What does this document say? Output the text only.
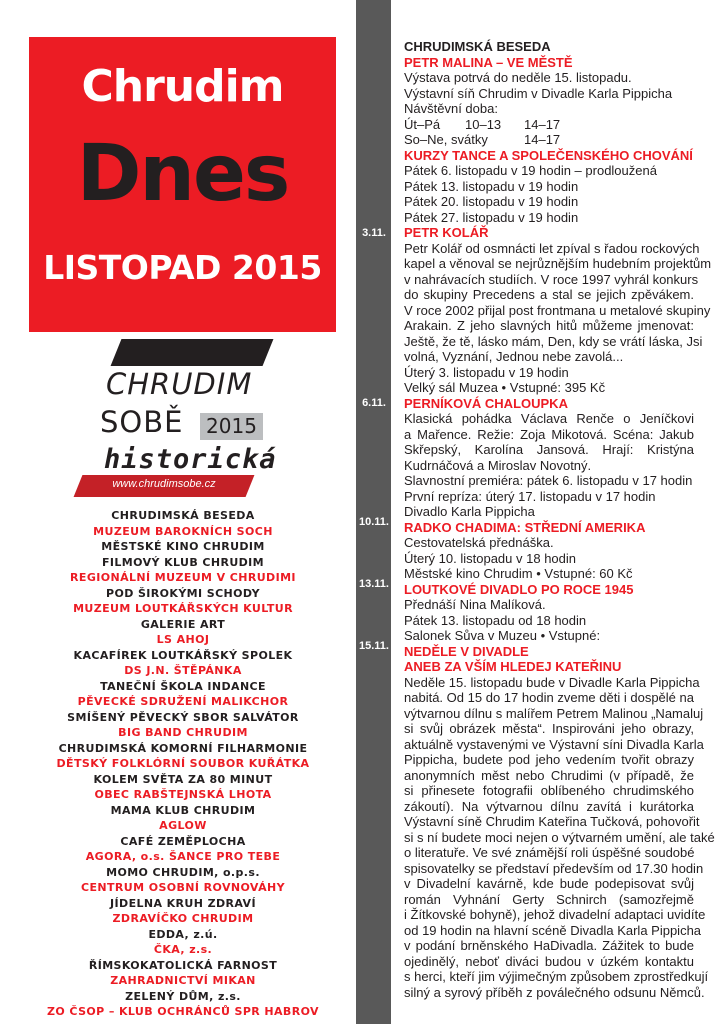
Chrudim
Dnes
LISTOPAD 2015
CHRUDIM
SOBĚ	2015
historická
www.chrudimsobe.cz
CHRUDIMSKÁ BESEDA
MUZEUM BAROKNÍCH SOCH
MĚSTSKÉ KINO CHRUDIM
FILMOVÝ KLUB CHRUDIM
REGIONÁLNÍ MUZEUM V CHRUDIMI
POD ŠIROKÝMI SCHODY
MUZEUM LOUTKÁŘSKÝCH KULTUR
GALERIE ART
LS AHOJ
KACAFÍREK LOUTKÁŘSKÝ SPOLEK
DS J.N. ŠTĚPÁNKA
TANEČNÍ ŠKOLA INDANCE
PĚVECKÉ SDRUŽENÍ MALIKCHOR
SMÍŠENÝ PĚVECKÝ SBOR SALVÁTOR
BIG BAND CHRUDIM
CHRUDIMSKÁ KOMORNÍ FILHARMONIE
DĚTSKÝ FOLKLÓRNÍ SOUBOR KUŘÁTKA
KOLEM SVĚTA ZA 80 MINUT
OBEC RABŠTEJNSKÁ LHOTA
MAMA KLUB CHRUDIM
AGLOW
CAFÉ ZEMĚPLOCHA
AGORA, o.s. ŠANCE PRO TEBE
MOMO CHRUDIM, o.p.s.
CENTRUM OSOBNÍ ROVNOVÁHY
JÍDELNA KRUH ZDRAVÍ
ZDRAVÍČKO CHRUDIM
EDDA, z.ú.
ČKA, z.s.
ŘÍMSKOKATOLICKÁ FARNOST
ZAHRADNICTVÍ MIKAN
ZELENÝ DŮM, z.s.
ZO ČSOP – KLUB OCHRÁNCŮ SPR HABROV
3.11.
6.11.
10.11.
13.11.
15.11.
CHRUDIMSKÁ BESEDA
PETR MALINA – VE MĚSTĚ
Výstava potrvá do neděle 15. listopadu.
Výstavní síň Chrudim v Divadle Karla Pippicha
Návštěvní doba:
Út–Pá 10–13 14–17
So–Ne, svátky	14–17
KURZY TANCE A SPOLEČENSKÉHO CHOVÁNÍ
Pátek 6. listopadu v 19 hodin – prodloužená
Pátek 13. listopadu v 19 hodin
Pátek 20. listopadu v 19 hodin
Pátek 27. listopadu v 19 hodin
PETR KOLÁŘ
Petr Kolář od osmnácti let zpíval s řadou rockových
kapel a věnoval se nejrůznějším hudebním projektům
v nahrávacích studiích. V roce 1997 vyhrál konkurs
do skupiny Precedens a stal se jejich zpěvákem.
V roce 2002 přijal post frontmana u metalové skupiny
Arakain. Z jeho slavných hitů můžeme jmenovat:
Ještě, že tě, lásko mám, Den, kdy se vrátí láska, Jsi
volná, Vyznání, Jednou nebe zavolá...
Úterý 3. listopadu v 19 hodin
Velký sál Muzea • Vstupné: 395 Kč
PERNÍKOVÁ CHALOUPKA
Klasická pohádka Václava Renče o Jeníčkovi
a Mařence. Režie: Zoja Mikotová. Scéna: Jakub
Skřepský, Karolína Jansová. Hrají: Kristýna
Kudrnáčová a Miroslav Novotný.
Slavnostní premiéra: pátek 6. listopadu v 17 hodin
První repríza: úterý 17. listopadu v 17 hodin
Divadlo Karla Pippicha
RADKO CHADIMA: STŘEDNÍ AMERIKA
Cestovatelská přednáška.
Úterý 10. listopadu v 18 hodin
Městské kino Chrudim • Vstupné: 60 Kč
LOUTKOVÉ DIVADLO PO ROCE 1945
Přednáší Nina Malíková.
Pátek 13. listopadu od 18 hodin
Salonek Sůva v Muzeu • Vstupné:
NEDĚLE V DIVADLE
ANEB ZA VŠÍM HLEDEJ KATEŘINU
Neděle 15. listopadu bude v Divadle Karla Pippicha
nabitá. Od 15 do 17 hodin zveme děti i dospělé na
výtvarnou dílnu s malířem Petrem Malinou „Namaluj
si svůj obrázek města“. Inspirováni jeho obrazy,
aktuálně vystavenými ve Výstavní síni Divadla Karla
Pippicha, budete pod jeho vedením tvořit obrazy
anonymních měst nebo Chrudimi (v případě, že
si přinesete fotografii oblíbeného chrudimského
zákoutí). Na výtvarnou dílnu zavítá i kurátorka
Výstavní síně Chrudim Kateřina Tučková, pohovořit
si s ní budete moci nejen o výtvarném umění, ale také
o literatuře. Ve své známější roli úspěšné soudobé
spisovatelky se představí především od 17.30 hodin
v Divadelní kavárně, kde bude podepisovat svůj
román Vyhnání Gerty Schnirch (samozřejmě
i Žítkovské bohyně), jehož divadelní adaptaci uvidíte
od 19 hodin na hlavní scéně Divadla Karla Pippicha
v podání brněnského HaDivadla. Zážitek to bude
ojedinělý, neboť diváci budou v úzkém kontaktu
s herci, kteří jim výjimečným způsobem zprostředkují
silný a syrový příběh z poválečného odsunu Němců.
